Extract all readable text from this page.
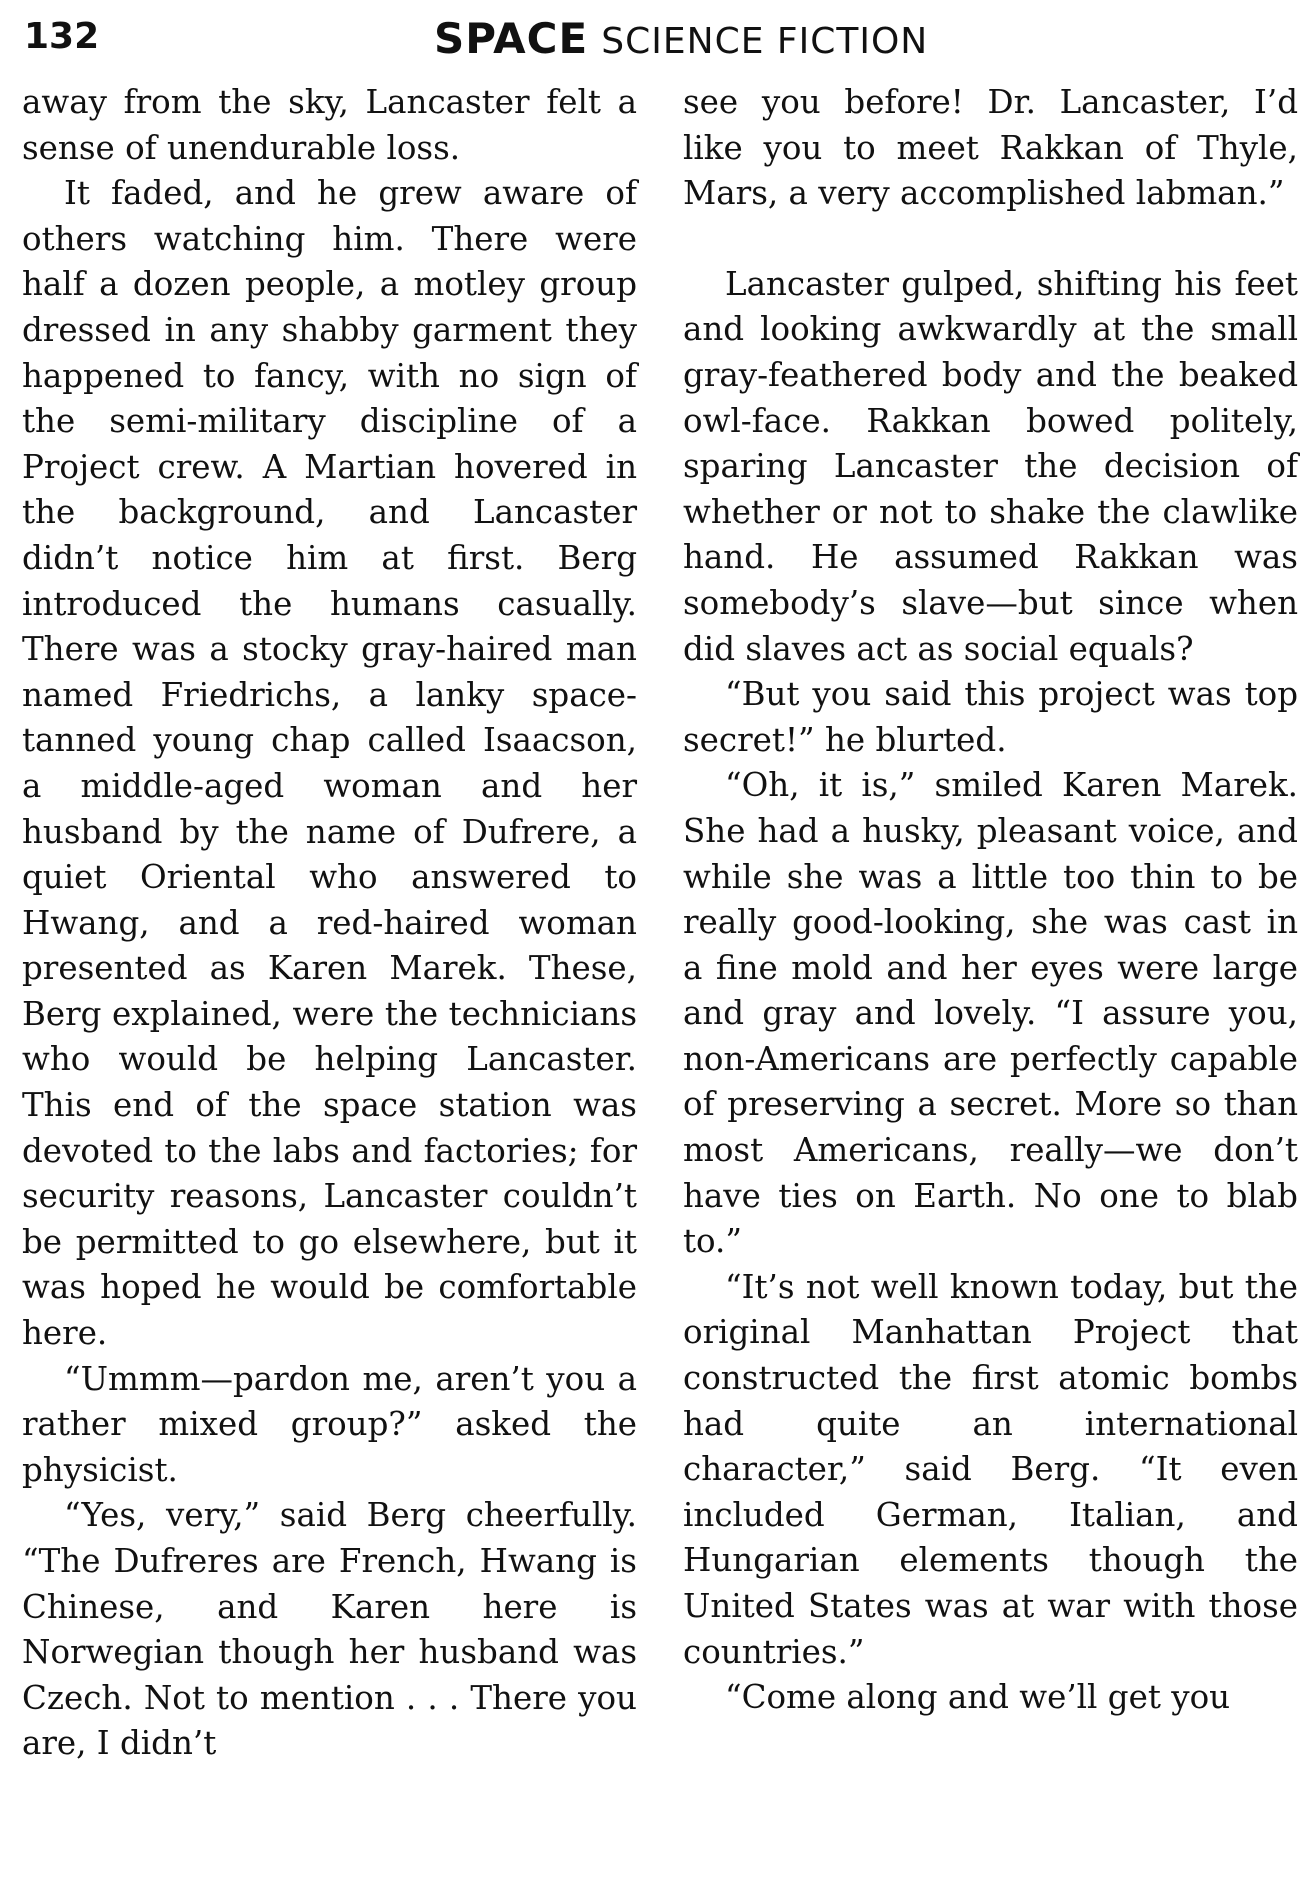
132	SPACE SCIENCE FICTION

away from the sky, Lancaster felt a sense of unendurable loss.

It faded, and he grew aware of others watching him. There were half a dozen people, a motley group dressed in any shabby garment they happened to fancy, with no sign of the semi-military discipline of a Project crew. A Martian hovered in the background, and Lancaster didn’t notice him at first. Berg introduced the humans casually. There was a stocky gray-haired man named Friedrichs, a lanky space-tanned young chap called Isaacson, a middle-aged woman and her husband by the name of Dufrere, a quiet Oriental who answered to Hwang, and a red-haired woman presented as Karen Marek. These, Berg explained, were the technicians who would be helping Lancaster. This end of the space station was devoted to the labs and factories; for security reasons, Lancaster couldn’t be permitted to go elsewhere, but it was hoped he would be comfortable here.

“Ummm—pardon me, aren’t you a rather mixed group?” asked the physicist.

“Yes, very,” said Berg cheerfully. “The Dufreres are French, Hwang is Chinese, and Karen here is Norwegian though her husband was Czech. Not to mention . . . There you are, I didn’t

see you before! Dr. Lancaster, I’d like you to meet Rakkan of Thyle, Mars, a very accomplished labman.”

Lancaster gulped, shifting his feet and looking awkwardly at the small gray-feathered body and the beaked owl-face. Rakkan bowed politely, sparing Lancaster the decision of whether or not to shake the clawlike hand. He assumed Rakkan was somebody’s slave—but since when did slaves act as social equals?

“But you said this project was top secret!” he blurted.

“Oh, it is,” smiled Karen Marek. She had a husky, pleasant voice, and while she was a little too thin to be really good-looking, she was cast in a fine mold and her eyes were large and gray and lovely. “I assure you, non-Americans are perfectly capable of preserving a secret. More so than most Americans, really—we don’t have ties on Earth. No one to blab to.”

“It’s not well known today, but the original Manhattan Project that constructed the first atomic bombs had quite an international character,” said Berg. “It even included German, Italian, and Hungarian elements though the United States was at war with those countries.”

“Come along and we’ll get you
